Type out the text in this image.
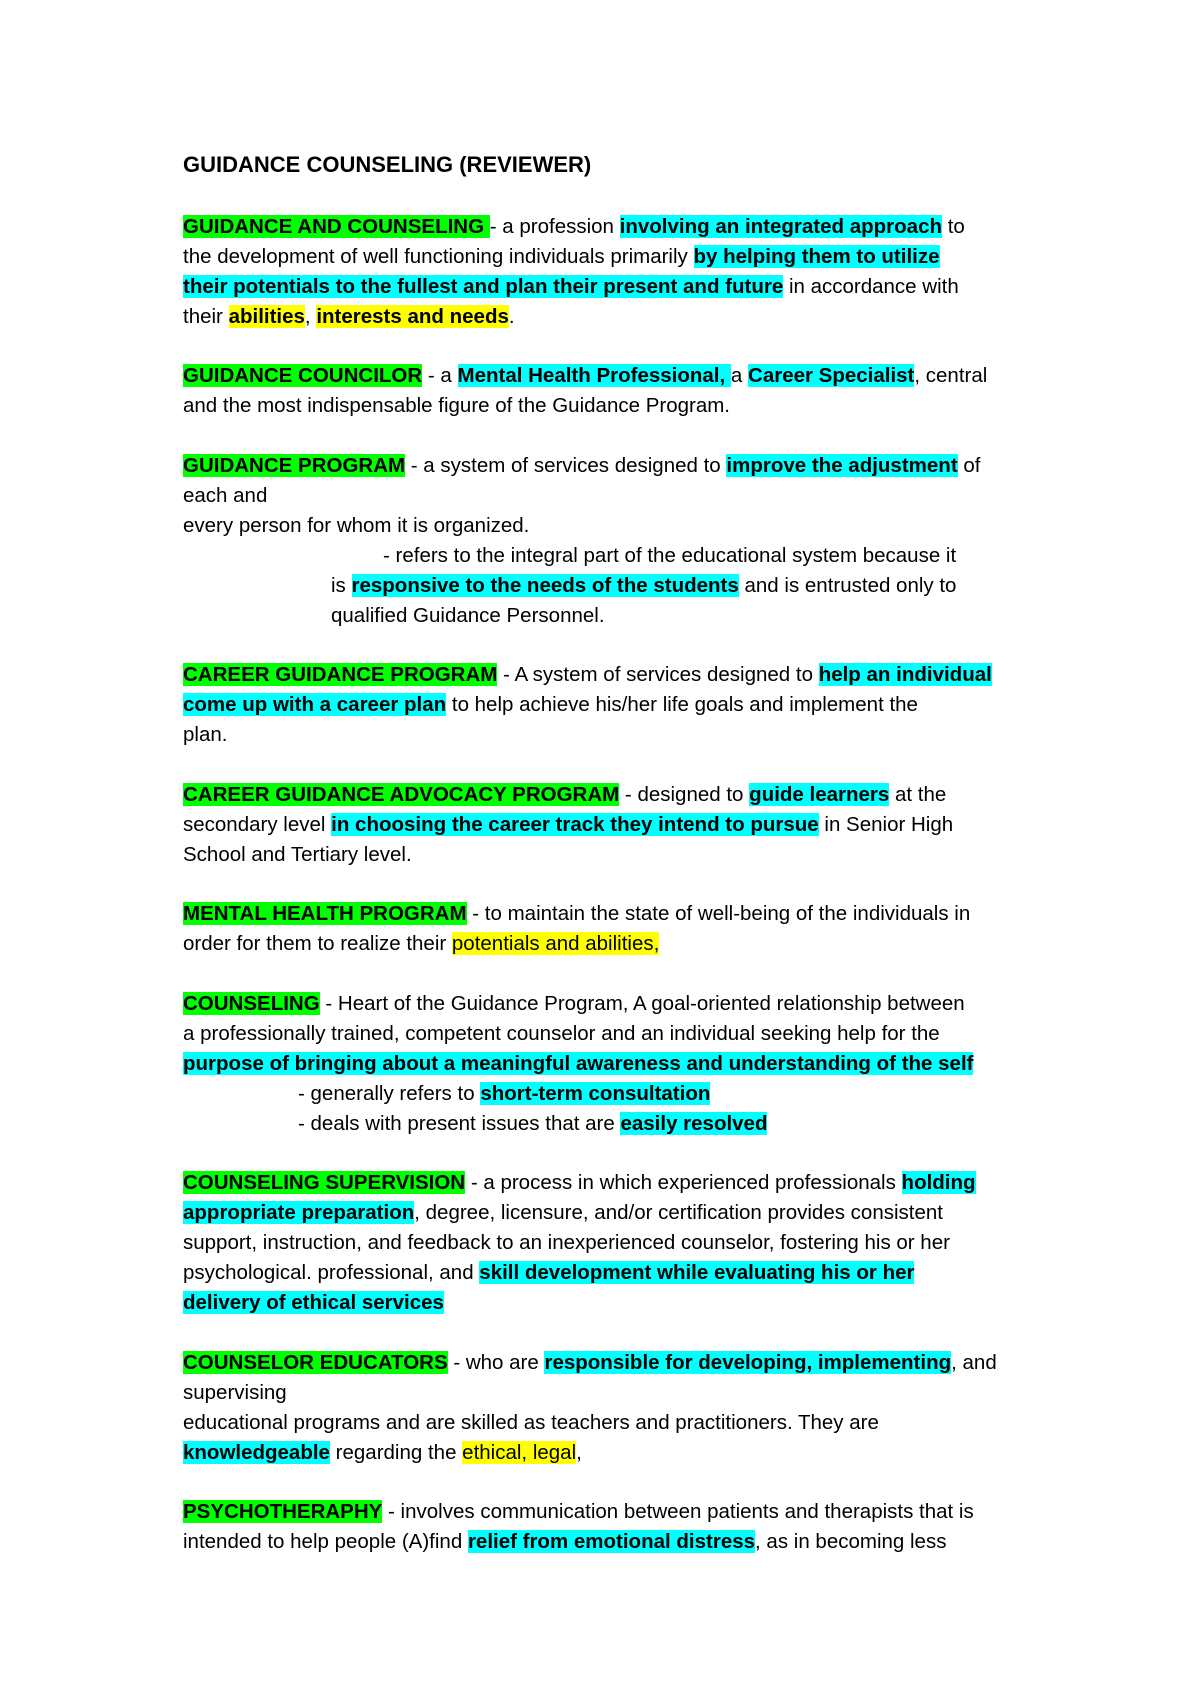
GUIDANCE COUNSELING (REVIEWER)
GUIDANCE AND COUNSELING - a profession involving an integrated approach to
the development of well functioning individuals primarily by helping them to utilize
their potentials to the fullest and plan their present and future in accordance with
their abilities, interests and needs.
GUIDANCE COUNCILOR - a Mental Health Professional, a Career Specialist, central
and the most indispensable figure of the Guidance Program.
GUIDANCE PROGRAM - a system of services designed to improve the adjustment of
each and
every person for whom it is organized.
- refers to the integral part of the educational system because it
is responsive to the needs of the students and is entrusted only to
qualified Guidance Personnel.
CAREER GUIDANCE PROGRAM - A system of services designed to help an individual
come up with a career plan to help achieve his/her life goals and implement the
plan.
CAREER GUIDANCE ADVOCACY PROGRAM - designed to guide learners at the
secondary level in choosing the career track they intend to pursue in Senior High
School and Tertiary level.
MENTAL HEALTH PROGRAM - to maintain the state of well-being of the individuals in
order for them to realize their potentials and abilities,
COUNSELING - Heart of the Guidance Program, A goal-oriented relationship between
a professionally trained, competent counselor and an individual seeking help for the
purpose of bringing about a meaningful awareness and understanding of the self
- generally refers to short-term consultation
- deals with present issues that are easily resolved
COUNSELING SUPERVISION - a process in which experienced professionals holding
appropriate preparation, degree, licensure, and/or certification provides consistent
support, instruction, and feedback to an inexperienced counselor, fostering his or her
psychological. professional, and skill development while evaluating his or her
delivery of ethical services
COUNSELOR EDUCATORS - who are responsible for developing, implementing, and
supervising
educational programs and are skilled as teachers and practitioners. They are
knowledgeable regarding the ethical, legal,
PSYCHOTHERAPHY - involves communication between patients and therapists that is
intended to help people (A)find relief from emotional distress, as in becoming less
